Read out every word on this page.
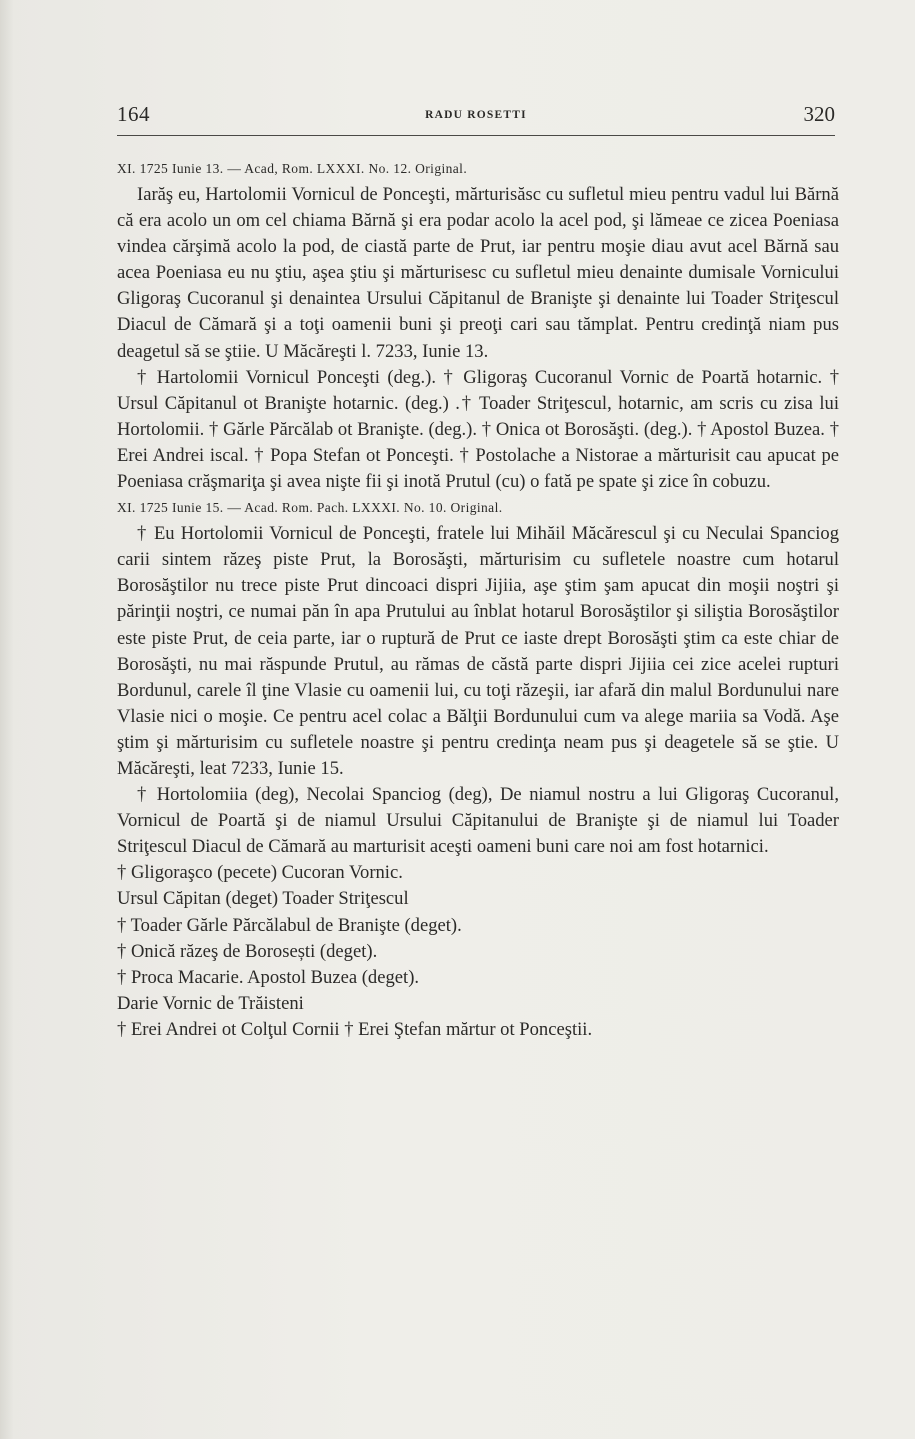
164	RADU ROSETTI	320

XI. 1725 Iunie 13. — Acad, Rom. LXXXI. No. 12. Original.

Iarăş eu, Hartolomii Vornicul de Ponceşti, mărturisăsc cu sufletul mieu pentru vadul lui Bărnă că era acolo un om cel chiama Bărnă şi era podar acolo la acel pod, şi lămeae ce zicea Poeniasa vindea cărşimă acolo la pod, de ciastă parte de Prut, iar pentru moşie diau avut acel Bărnă sau acea Poeniasa eu nu ştiu, aşea ştiu şi mărturisesc cu sufletul mieu denainte dumisale Vornicului Gligoraş Cucoranul şi denaintea Ursului Căpitanul de Branişte şi denainte lui Toader Striţescul Diacul de Cămară şi a toţi oamenii buni şi preoţi cari sau tămplat. Pentru credinţă niam pus deagetul să se ştiie. U Măcăreşti l. 7233, Iunie 13.

† Hartolomii Vornicul Ponceşti (deg.). † Gligoraş Cucoranul Vornic de Poartă hotarnic. † Ursul Căpitanul ot Branişte hotarnic. (deg.) .† Toader Striţescul, hotarnic, am scris cu zisa lui Hortolomii. † Gărle Părcălab ot Branişte. (deg.). † Onica ot Borosăşti. (deg.). † Apostol Buzea. † Erei Andrei iscal. † Popa Stefan ot Ponceşti. † Postolache a Nistorae a mărturisit cau apucat pe Poeniasa crăşmariţa şi avea nişte fii şi inotă Prutul (cu) o fată pe spate şi zice în cobuzu.

XI. 1725 Iunie 15. — Acad. Rom. Pach. LXXXI. No. 10. Original.

† Eu Hortolomii Vornicul de Ponceşti, fratele lui Mihăil Măcărescul şi cu Neculai Spanciog carii sintem răzeş piste Prut, la Borosăşti, mărturisim cu sufletele noastre cum hotarul Borosăştilor nu trece piste Prut dincoaci dispri Jijiia, aşe ştim şam apucat din moşii noştri şi părinţii noştri, ce numai păn în apa Prutului au înblat hotarul Borosăştilor şi siliştia Borosăştilor este piste Prut, de ceia parte, iar o ruptură de Prut ce iaste drept Borosăşti ştim ca este chiar de Borosăşti, nu mai răspunde Prutul, au rămas de căstă parte dispri Jijiia cei zice acelei rupturi Bordunul, carele îl ţine Vlasie cu oamenii lui, cu toţi răzeşii, iar afară din malul Bordunului nare Vlasie nici o moşie. Ce pentru acel colac a Bălţii Bordunului cum va alege mariia sa Vodă. Aşe ştim şi mărturisim cu sufletele noastre şi pentru credinţa neam pus şi deagetele să se ştie. U Măcăreşti, leat 7233, Iunie 15.

† Hortolomiia (deg), Necolai Spanciog (deg), De niamul nostru a lui Gligoraş Cucoranul, Vornicul de Poartă şi de niamul Ursului Căpitanului de Branişte şi de niamul lui Toader Striţescul Diacul de Cămară au marturisit aceşti oameni buni care noi am fost hotarnici.

† Gligoraşco (pecete) Cucoran Vornic.

Ursul Căpitan (deget) Toader Striţescul

† Toader Gărle Părcălabul de Branişte (deget).

† Onică răzeş de Borosești (deget).

† Proca Macarie. Apostol Buzea (deget).

Darie Vornic de Trăisteni

† Erei Andrei ot Colţul Cornii † Erei Ştefan mărtur ot Ponceştii.
